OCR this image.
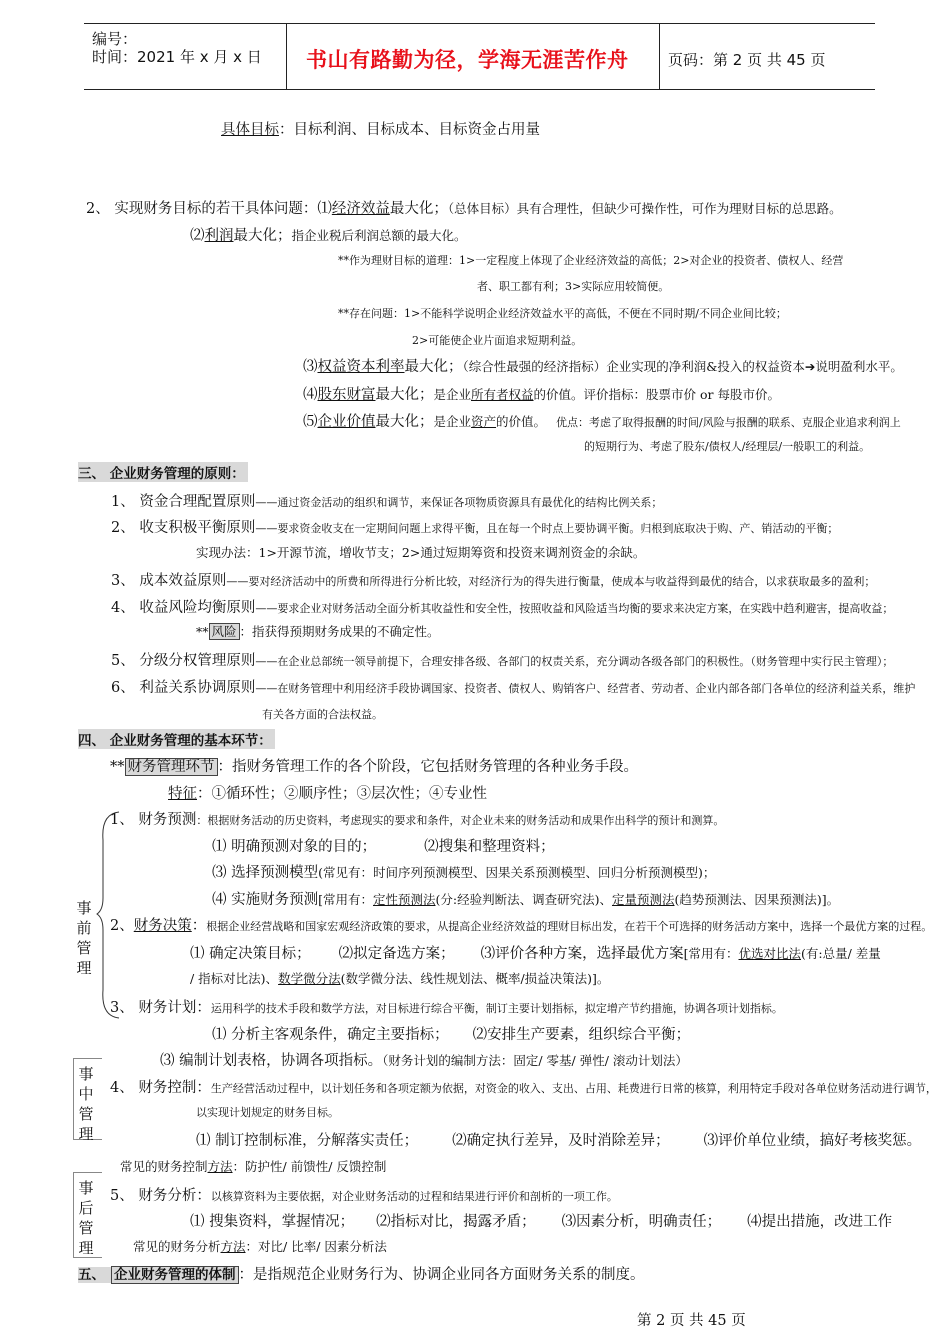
编号：
时间：2021 年 x 月 x 日 书山有路勤为径，学海无涯苦作舟	页码：第 2 页 共 45 页
具体目标：目标利润、目标成本、目标资金占用量
2、 实现财务目标的若干具体问题：⑴经济效益最大化；（总体目标）具有合理性，但缺少可操作性，可作为理财目标的总思路。
⑵利润最大化；指企业税后利润总额的最大化。
**作为理财目标的道理：1>一定程度上体现了企业经济效益的高低；2>对企业的投资者、债权人、经营
者、职工都有利；3>实际应用较简便。
**存在问题：1>不能科学说明企业经济效益水平的高低，不便在不同时期/不同企业间比较；
2>可能使企业片面追求短期利益。
⑶权益资本利率最大化；（综合性最强的经济指标）企业实现的净利润&投入的权益资本➔说明盈利水平。
⑷股东财富最大化；是企业所有者权益的价值。评价指标：股票市价 or 每股市价。
⑸企业价值最大化；是企业资产的价值。 优点：考虑了取得报酬的时间/风险与报酬的联系、克服企业追求利润上
的短期行为、考虑了股东/债权人/经理层/一般职工的利益。
三、 企业财务管理的原则：
1、 资金合理配置原则——通过资金活动的组织和调节，来保证各项物质资源具有最优化的结构比例关系；
2、 收支积极平衡原则——要求资金收支在一定期间问题上求得平衡，且在每一个时点上要协调平衡。归根到底取决于购、产、销活动的平衡；
实现办法：1>开源节流，增收节支；2>通过短期筹资和投资来调剂资金的余缺。
3、 成本效益原则——要对经济活动中的所费和所得进行分析比较，对经济行为的得失进行衡量，使成本与收益得到最优的结合，以求获取最多的盈利；
4、 收益风险均衡原则——要求企业对财务活动全面分析其收益性和安全性，按照收益和风险适当均衡的要求来决定方案，在实践中趋利避害，提高收益；
** 风险 ：指获得预期财务成果的不确定性。
5、 分级分权管理原则——在企业总部统一领导前提下，合理安排各级、各部门的权责关系，充分调动各级各部门的积极性。（财务管理中实行民主管理）；
6、 利益关系协调原则——在财务管理中利用经济手段协调国家、投资者、债权人、购销客户、经营者、劳动者、企业内部各部门各单位的经济利益关系，维护
有关各方面的合法权益。
四、 企业财务管理的基本环节：
** 财务管理环节 ：指财务管理工作的各个阶段，它包括财务管理的各种业务手段。
特征：①循环性；②顺序性；③层次性；④专业性
1、 财务预测：根据财务活动的历史资料，考虑现实的要求和条件，对企业未来的财务活动和成果作出科学的预计和测算。
⑴ 明确预测对象的目的；	⑵搜集和整理资料；
⑶ 选择预测模型(常见有：时间序列预测模型、因果关系预测模型、回归分析预测模型)；
⑷ 实施财务预测[常用有：定性预测法(分:经验判断法、调查研究法)、定量预测法(趋势预测法、因果预测法)]。
事前管理
2、财务决策：根据企业经营战略和国家宏观经济政策的要求，从提高企业经济效益的理财目标出发，在若干个可选择的财务活动方案中，选择一个最优方案的过程。
⑴ 确定决策目标； ⑵拟定备选方案； ⑶评价各种方案，选择最优方案[常用有：优选对比法(有:总量/ 差量
/ 指标对比法)、数学微分法(数学微分法、线性规划法、概率/损益决策法)]。
3、 财务计划：运用科学的技术手段和数学方法，对目标进行综合平衡，制订主要计划指标，拟定增产节约措施，协调各项计划指标。
⑴ 分析主客观条件，确定主要指标； ⑵安排生产要素，组织综合平衡；
⑶ 编制计划表格，协调各项指标。（财务计划的编制方法：固定/ 零基/ 弹性/ 滚动计划法）
事中管理
4、 财务控制：生产经营活动过程中，以计划任务和各项定额为依据，对资金的收入、支出、占用、耗费进行日常的核算，利用特定手段对各单位财务活动进行调节，
以实现计划规定的财务目标。
⑴ 制订控制标准，分解落实责任； ⑵确定执行差异，及时消除差异； ⑶评价单位业绩，搞好考核奖惩。
常见的财务控制方法：防护性/ 前馈性/ 反馈控制
事后管理
5、 财务分析：以核算资料为主要依据，对企业财务活动的过程和结果进行评价和剖析的一项工作。
⑴ 搜集资料，掌握情况； ⑵指标对比，揭露矛盾； ⑶因素分析，明确责任； ⑷提出措施，改进工作
常见的财务分析方法：对比/ 比率/ 因素分析法
五、 企业财务管理的体制 ：是指规范企业财务行为、协调企业同各方面财务关系的制度。
第 2 页 共 45 页
